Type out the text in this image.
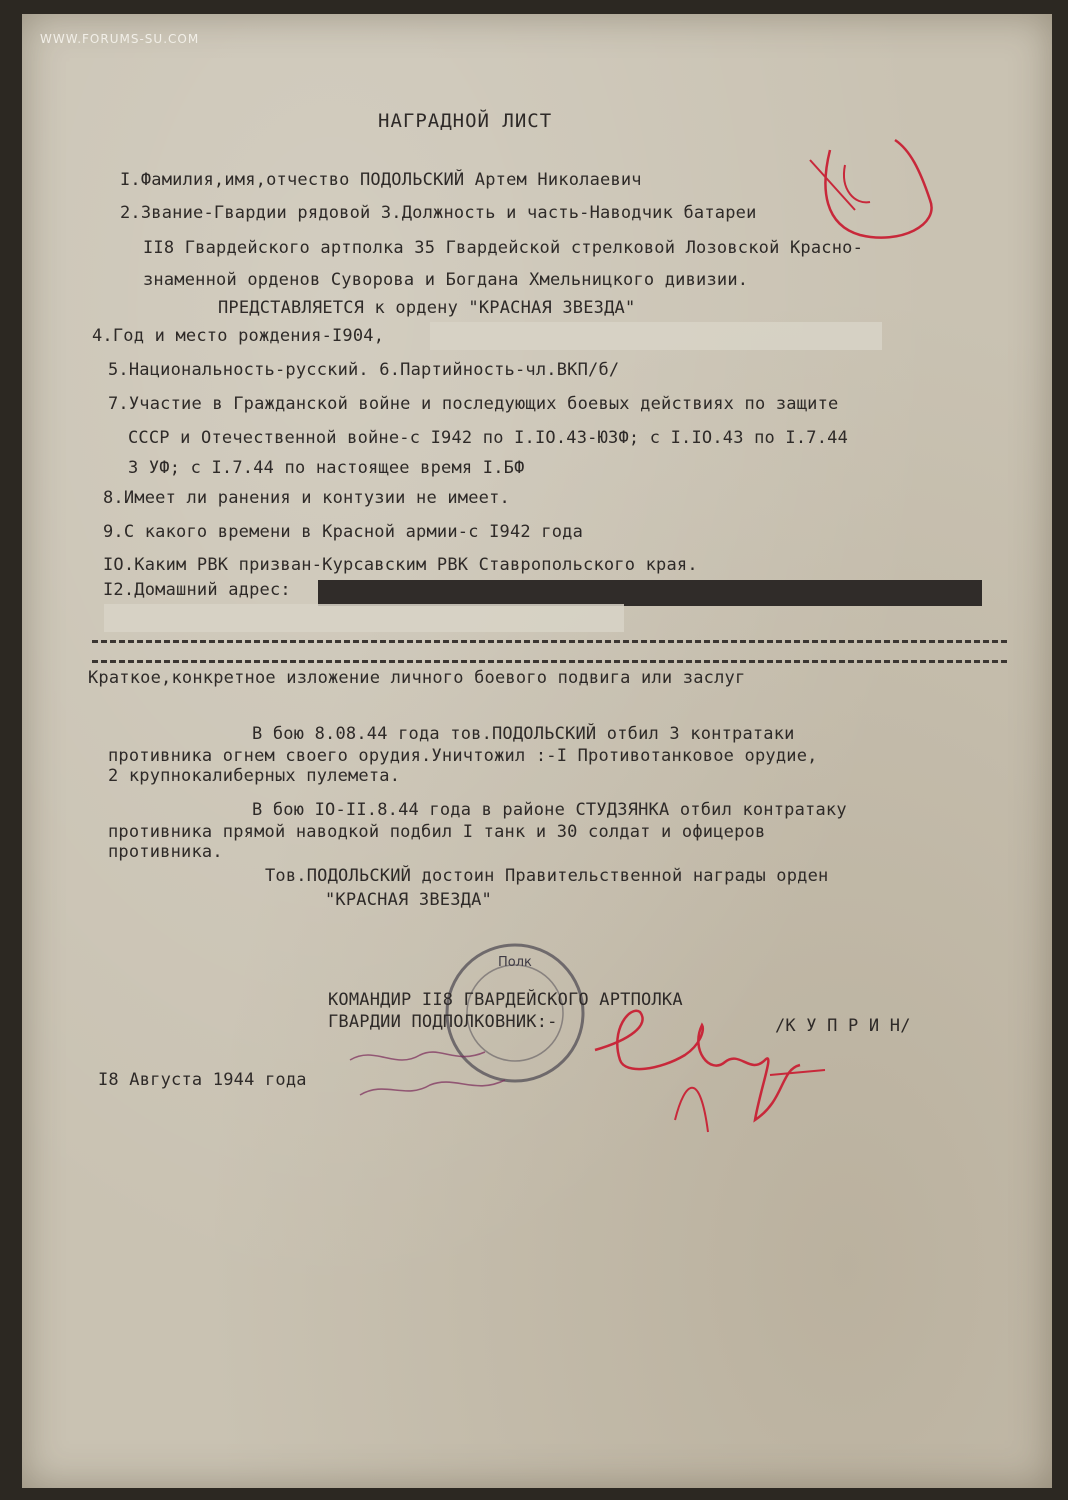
WWW.FORUMS-SU.COM
НАГРАДНОЙ ЛИСТ
I.Фамилия,имя,отчество ПОДОЛЬСКИЙ Артем Николаевич
2.Звание-Гвардии рядовой 3.Должность и часть-Наводчик батареи
II8 Гвардейского артполка 35 Гвардейской стрелковой Лозовской Красно-
знаменной орденов Суворова и Богдана Хмельницкого дивизии.
ПРЕДСТАВЛЯЕТСЯ к ордену "КРАСНАЯ ЗВЕЗДА"
4.Год и место рождения-I904,
5.Национальность-русский. 6.Партийность-чл.ВКП/б/
7.Участие в Гражданской войне и последующих боевых действиях по защите
СССР и Отечественной войне-с I942 по I.IO.43-ЮЗФ; с I.IO.43 по I.7.44
3 УФ; с I.7.44 по настоящее время I.БФ
8.Имеет ли ранения и контузии не имеет.
9.С какого времени в Красной армии-с I942 года
IO.Каким РВК призван-Курсавским РВК Ставропольского края.
I2.Домашний адрес:
Краткое,конкретное изложение личного боевого подвига или заслуг
В бою 8.08.44 года тов.ПОДОЛЬСКИЙ отбил 3 контратаки
противника огнем своего орудия.Уничтожил :-I Противотанковое орудие,
2 крупнокалиберных пулемета.
В бою IO-II.8.44 года в районе СТУДЗЯНКА отбил контратаку
противника прямой наводкой подбил I танк и 30 солдат и офицеров
противника.
Тов.ПОДОЛЬСКИЙ достоин Правительственной награды орден
"КРАСНАЯ ЗВЕЗДА"
Полк
КОМАНДИР II8 ГВАРДЕЙСКОГО АРТПОЛКА
ГВАРДИИ ПОДПОЛКОВНИК:-	/К У П Р И Н/
I8 Августа 1944 года
